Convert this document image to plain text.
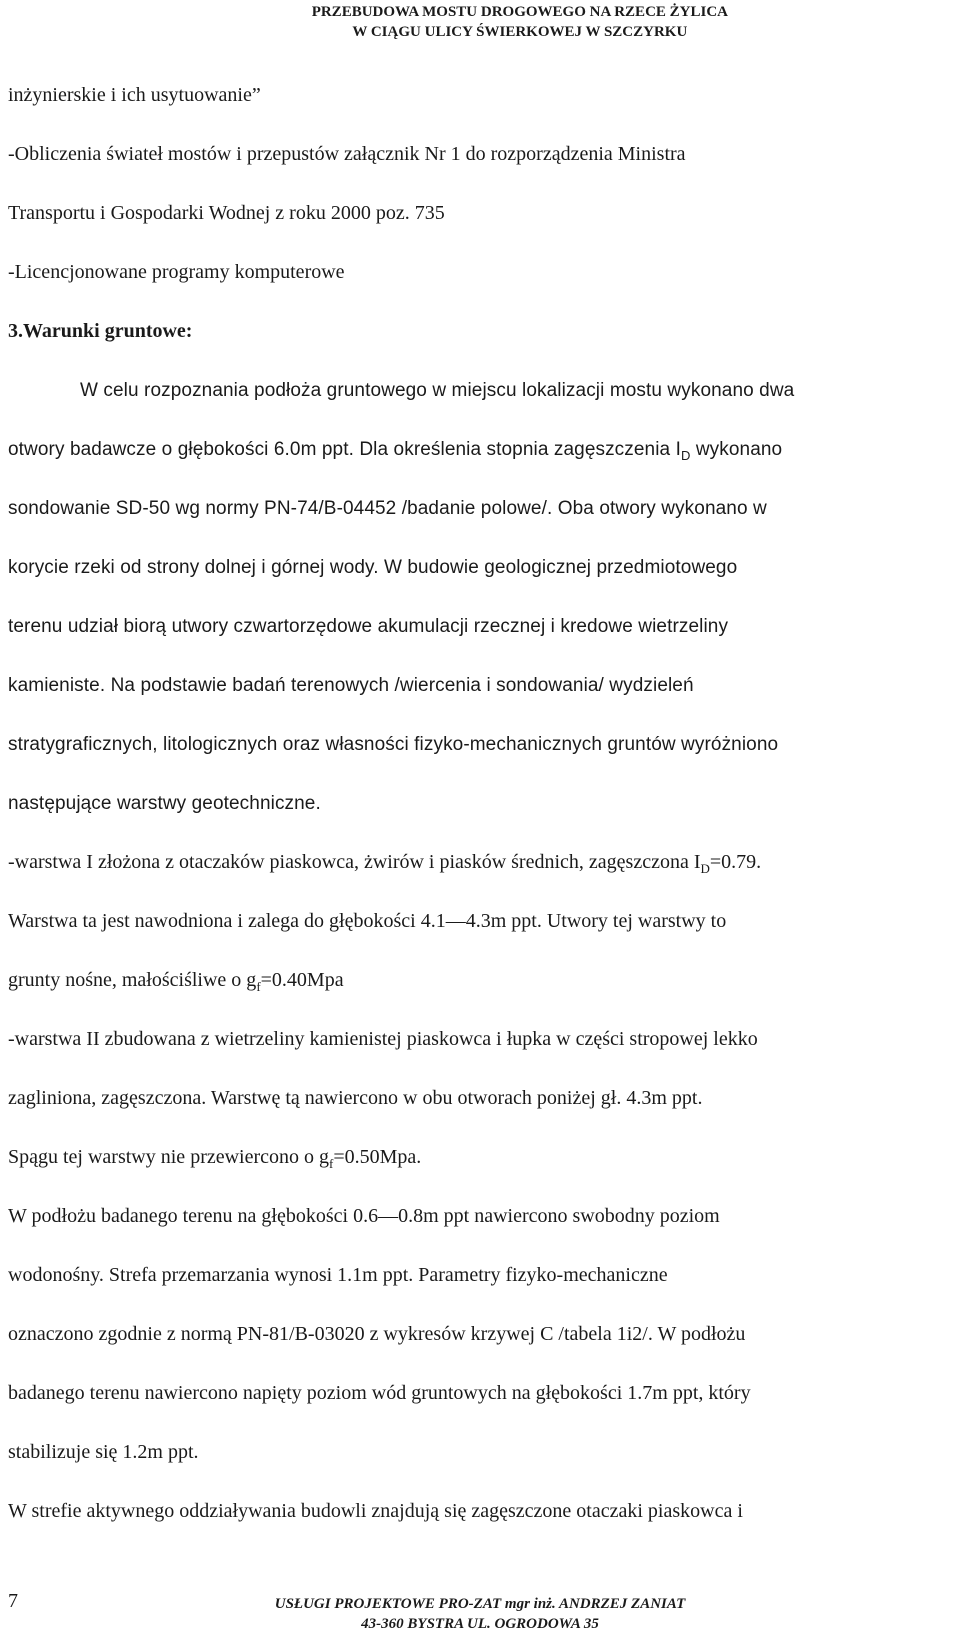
PRZEBUDOWA MOSTU DROGOWEGO NA RZECE ŻYLICA
W CIĄGU ULICY ŚWIERKOWEJ W SZCZYRKU
inżynierskie i ich usytuowanie”
-Obliczenia świateł mostów i przepustów załącznik Nr 1 do rozporządzenia Ministra
Transportu i Gospodarki Wodnej z roku 2000 poz. 735
-Licencjonowane programy komputerowe
3.Warunki gruntowe:
W celu rozpoznania podłoża gruntowego w miejscu lokalizacji mostu wykonano dwa
otwory badawcze o głębokości 6.0m ppt. Dla określenia stopnia zagęszczenia $I_D$ wykonano
sondowanie SD-50 wg normy PN-74/B-04452 /badanie polowe/. Oba otwory wykonano w
korycie rzeki od strony dolnej i górnej wody. W budowie geologicznej przedmiotowego
terenu udział biorą utwory czwartorzędowe akumulacji rzecznej i kredowe wietrzeliny
kamieniste. Na podstawie badań terenowych /wiercenia i sondowania/ wydzieleń
stratygraficznych, litologicznych oraz własności fizyko-mechanicznych gruntów wyróżniono
następujące warstwy geotechniczne.
-warstwa I złożona z otaczaków piaskowca, żwirów i piasków średnich, zagęszczona $I_D=0.79$.
Warstwa ta jest nawodniona i zalega do głębokości 4.1—4.3m ppt. Utwory tej warstwy to
grunty nośne, małościśliwe o $g_f=0.40Mpa$
-warstwa II zbudowana z wietrzeliny kamienistej piaskowca i łupka w części stropowej lekko
zagliniona, zagęszczona. Warstwę tą nawiercono w obu otworach poniżej gł. 4.3m ppt.
Spągu tej warstwy nie przewiercono o $g_f=0.50Mpa$.
W podłożu badanego terenu na głębokości 0.6—0.8m ppt nawiercono swobodny poziom
wodonośny. Strefa przemarzania wynosi 1.1m ppt. Parametry fizyko-mechaniczne
oznaczono zgodnie z normą PN-81/B-03020 z wykresów krzywej C /tabela 1i2/. W podłożu
badanego terenu nawiercono napięty poziom wód gruntowych na głębokości 1.7m ppt, który
stabilizuje się 1.2m ppt.
W strefie aktywnego oddziaływania budowli znajdują się zagęszczone otaczaki piaskowca i
7	USŁUGI PROJEKTOWE PRO-ZAT mgr inż. ANDRZEJ ZANIAT
43-360 BYSTRA UL. OGRODOWA 35
